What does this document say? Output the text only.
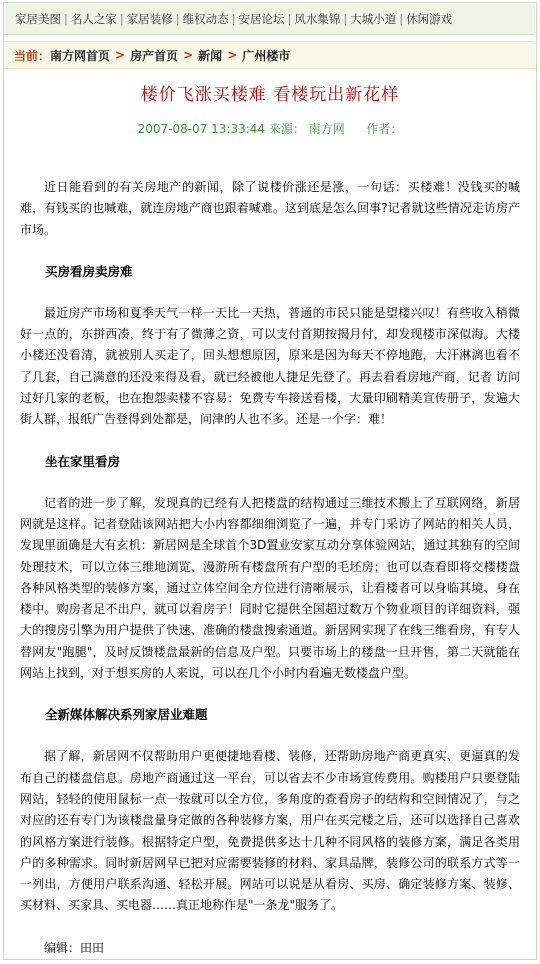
家居美图 | 名人之家 | 家居装修 | 维权动态 | 安居论坛 | 风水集锦 | 大城小道 | 休闲游戏
当前： 南方网首页 > 房产首页 > 新闻 > 广州楼市
楼价飞涨买楼难 看楼玩出新花样
2007-08-07 13:33:44 来源： 南方网 作者：

近日能看到的有关房地产的新闻，除了说楼价涨还是涨，一句话：买楼难！没钱买的喊难，有钱买的也喊难，就连房地产商也跟着喊难。这到底是怎么回事?记者就这些情况走访房产市场。

买房看房卖房难

最近房产市场和夏季天气一样一天比一天热，普通的市民只能是望楼兴叹！有些收入稍微好一点的，东拼西凑，终于有了微薄之资，可以支付首期按揭月付，却发现楼市深似海。大楼小楼还没看清，就被别人买走了，回头想想原因，原来是因为每天不停地跑，大汗淋漓也看不了几套，自己满意的还没来得及看，就已经被他人捷足先登了。再去看看房地产商，记者 访问过好几家的老板，也在抱怨卖楼不容易：免费专车接送看楼，大量印刷精美宣传册子，发遍大街人群，报纸广告登得到处都是，问津的人也不多。还是一个字：难！

坐在家里看房

记者的进一步了解，发现真的已经有人把楼盘的结构通过三维技术搬上了互联网络，新居网就是这样。记者登陆该网站把大小内容都细细浏览了一遍，并专门采访了网站的相关人员，发现里面确是大有玄机：新居网是全球首个3D置业安家互动分享体验网站，通过其独有的空间处理技术，可以立体三维地浏览、漫游所有楼盘所有户型的毛坯房；也可以查看即将交楼楼盘各种风格类型的装修方案，通过立体空间全方位进行清晰展示，让看楼者可以身临其境、身在楼中。购房者足不出户，就可以看房子！同时它提供全国超过数万个物业项目的详细资料，强大的搜房引擎为用户提供了快速、准确的楼盘搜索通道。新居网实现了在线三维看房，有专人替网友"跑腿"，及时反馈楼盘最新的信息及户型。只要市场上的楼盘一旦开售，第二天就能在网站上找到，对于想买房的人来说，可以在几个小时内看遍无数楼盘户型。

全新媒体解决系列家居业难题

据了解，新居网不仅帮助用户更便捷地看楼、装修，还帮助房地产商更真实、更逼真的发布自己的楼盘信息。房地产商通过这一平台，可以省去不少市场宣传费用。购楼用户只要登陆网站，轻轻的使用鼠标一点一按就可以全方位，多角度的查看房子的结构和空间情况了，与之对应的还有专门为该楼盘量身定做的各种装修方案，用户在买完楼之后，还可以选择自己喜欢的风格方案进行装修。根据特定户型，免费提供多达十几种不同风格的装修方案，满足各类用户的多种需求。同时新居网早已把对应需要装修的材料、家具品牌，装修公司的联系方式等一一列出，方便用户联系沟通、轻松开展。网站可以说是从看房、买房、确定装修方案、装修、买材料、买家具、买电器……真正地称作是"一条龙"服务了。

编辑：田田
